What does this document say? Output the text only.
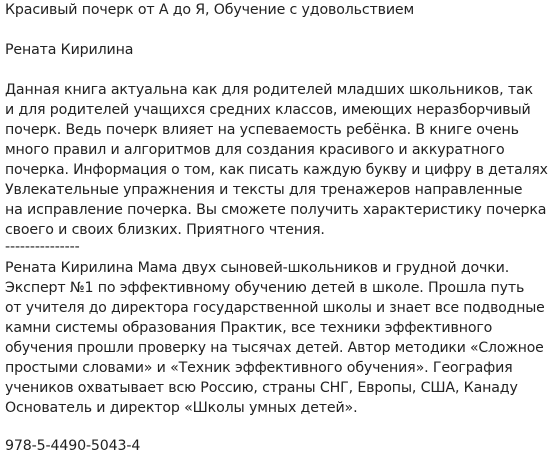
Красивый почерк от А до Я, Обучение с удовольствием
Рената Кирилина
Данная книга актуальна как для родителей младших школьников, так
и для родителей учащихся средних классов, имеющих неразборчивый
почерк. Ведь почерк влияет на успеваемость ребёнка. В книге очень
много правил и алгоритмов для создания красивого и аккуратного
почерка. Информация о том, как писать каждую букву и цифру в деталях
Увлекательные упражнения и тексты для тренажеров направленные
на исправление почерка. Вы сможете получить характеристику почерка
своего и своих близких. Приятного чтения.
---------------
Рената Кирилина Мама двух сыновей-школьников и грудной дочки.
Эксперт №1 по эффективному обучению детей в школе. Прошла путь
от учителя до директора государственной школы и знает все подводные
камни системы образования Практик, все техники эффективного
обучения прошли проверку на тысячах детей. Автор методики «Сложное
простыми словами» и «Техник эффективного обучения». География
учеников охватывает всю Россию, страны СНГ, Европы, США, Канаду
Основатель и директор «Школы умных детей».
978-5-4490-5043-4
